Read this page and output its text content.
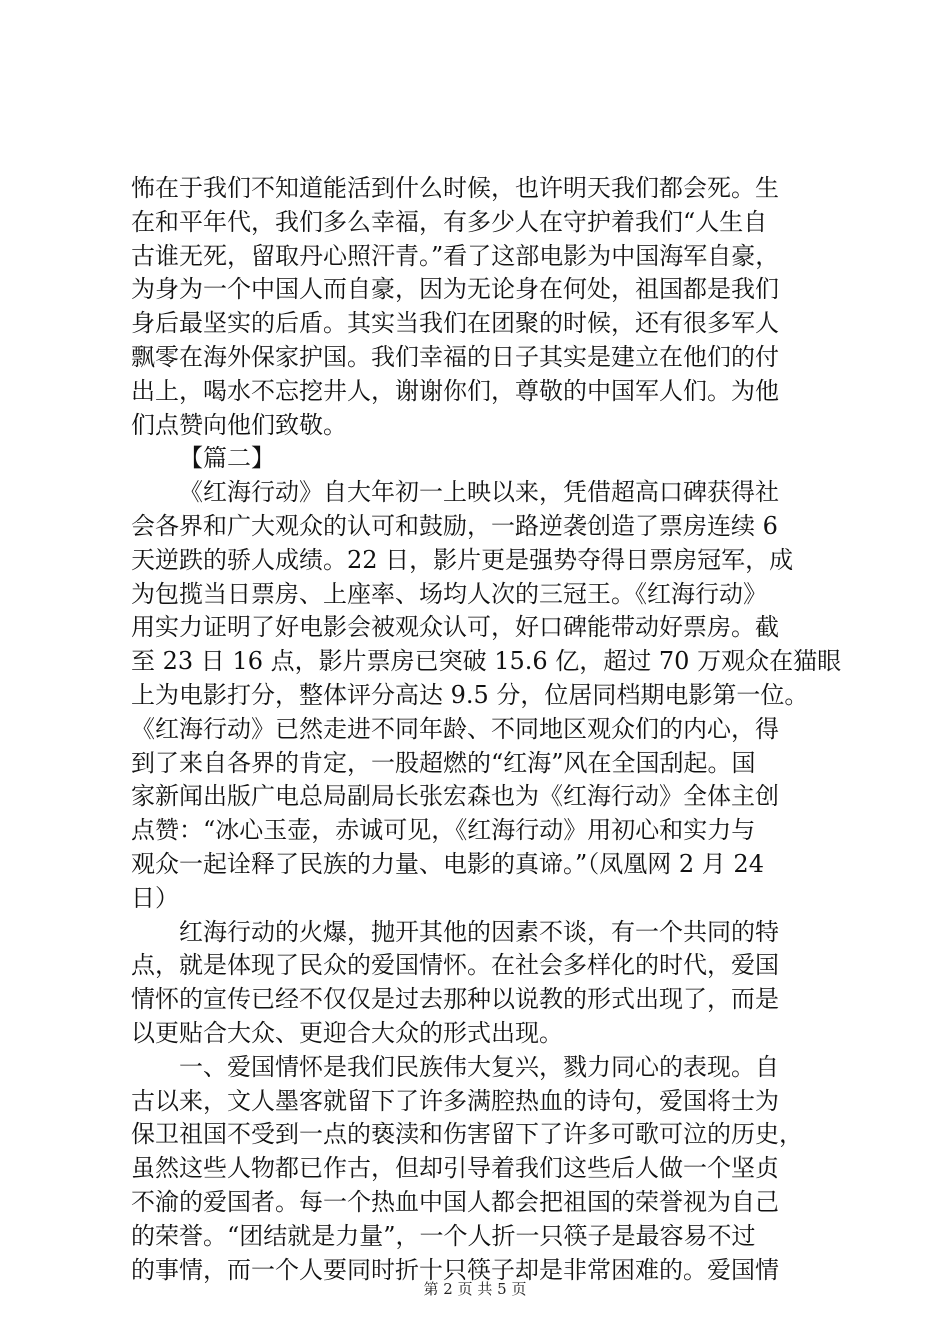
怖在于我们不知道能活到什么时候，也许明天我们都会死。生
在和平年代，我们多么幸福，有多少人在守护着我们“人生自
古谁无死，留取丹心照汗青。”看了这部电影为中国海军自豪，
为身为一个中国人而自豪，因为无论身在何处，祖国都是我们
身后最坚实的后盾。其实当我们在团聚的时候，还有很多军人
飘零在海外保家护国。我们幸福的日子其实是建立在他们的付
出上，喝水不忘挖井人，谢谢你们，尊敬的中国军人们。为他
们点赞向他们致敬。
【篇二】
《红海行动》自大年初一上映以来，凭借超高口碑获得社
会各界和广大观众的认可和鼓励，一路逆袭创造了票房连续 6
天逆跌的骄人成绩。22 日，影片更是强势夺得日票房冠军，成
为包揽当日票房、上座率、场均人次的三冠王。《红海行动》
用实力证明了好电影会被观众认可，好口碑能带动好票房。截
至 23 日 16 点，影片票房已突破 15.6 亿，超过 70 万观众在猫眼
上为电影打分，整体评分高达 9.5 分，位居同档期电影第一位。
《红海行动》已然走进不同年龄、不同地区观众们的内心，得
到了来自各界的肯定，一股超燃的“红海”风在全国刮起。国
家新闻出版广电总局副局长张宏森也为《红海行动》全体主创
点赞：“冰心玉壶，赤诚可见，《红海行动》用初心和实力与
观众一起诠释了民族的力量、电影的真谛。”（凤凰网 2 月 24
日）
红海行动的火爆，抛开其他的因素不谈，有一个共同的特
点，就是体现了民众的爱国情怀。在社会多样化的时代，爱国
情怀的宣传已经不仅仅是过去那种以说教的形式出现了，而是
以更贴合大众、更迎合大众的形式出现。
一、爱国情怀是我们民族伟大复兴，戮力同心的表现。自
古以来，文人墨客就留下了许多满腔热血的诗句，爱国将士为
保卫祖国不受到一点的亵渎和伤害留下了许多可歌可泣的历史，
虽然这些人物都已作古，但却引导着我们这些后人做一个坚贞
不渝的爱国者。每一个热血中国人都会把祖国的荣誉视为自己
的荣誉。“团结就是力量”，一个人折一只筷子是最容易不过
的事情，而一个人要同时折十只筷子却是非常困难的。爱国情
第 2 页 共 5 页
